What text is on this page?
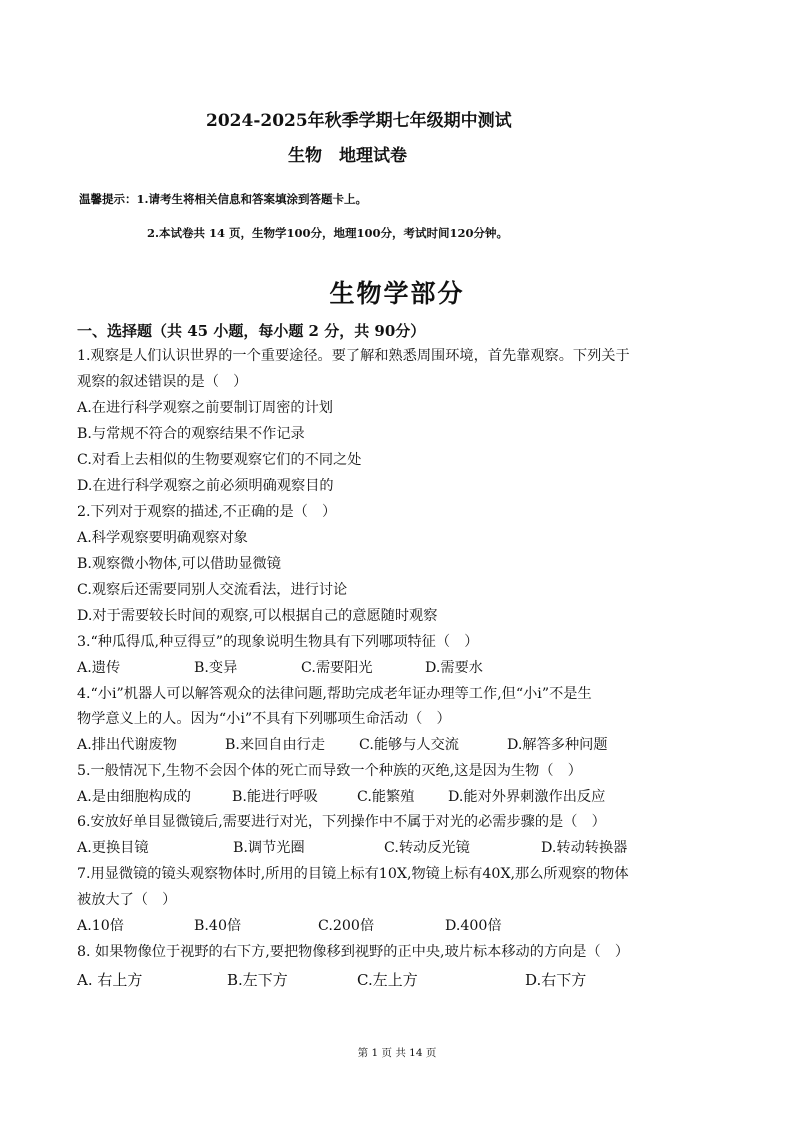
2024-2025年秋季学期七年级期中测试
生物　地理试卷
温馨提示：1.请考生将相关信息和答案填涂到答题卡上。
2.本试卷共 14 页，生物学100分，地理100分，考试时间120分钟。
生物学部分
一、选择题（共 45 小题，每小题 2 分，共 90分）
1.观察是人们认识世界的一个重要途径。要了解和熟悉周围环境，首先靠观察。下列关于
观察的叙述错误的是（　）
A.在进行科学观察之前要制订周密的计划
B.与常规不符合的观察结果不作记录
C.对看上去相似的生物要观察它们的不同之处
D.在进行科学观察之前必须明确观察目的
2.下列对于观察的描述,不正确的是（　）
A.科学观察要明确观察对象
B.观察微小物体,可以借助显微镜
C.观察后还需要同别人交流看法，进行讨论
D.对于需要较长时间的观察,可以根据自己的意愿随时观察
3.“种瓜得瓜,种豆得豆”的现象说明生物具有下列哪项特征（　）
A.遗传	B.变异	C.需要阳光	D.需要水
4.“小i”机器人可以解答观众的法律问题,帮助完成老年证办理等工作,但“小i”不是生
物学意义上的人。因为“小i”不具有下列哪项生命活动（　）
A.排出代谢废物	B.来回自由行走 C.能够与人交流	D.解答多种问题
5.一般情况下,生物不会因个体的死亡而导致一个种族的灭绝,这是因为生物（　）
A.是由细胞构成的	B.能进行呼吸	C.能繁殖 D.能对外界刺激作出反应
6.安放好单目显微镜后,需要进行对光，下列操作中不属于对光的必需步骤的是（　）
A.更换目镜	B.调节光圈	C.转动反光镜	D.转动转换器
7.用显微镜的镜头观察物体时,所用的目镜上标有10X,物镜上标有40X,那么所观察的物体
被放大了（　）
A.10倍	B.40倍	C.200倍	D.400倍
8. 如果物像位于视野的右下方,要把物像移到视野的正中央,玻片标本移动的方向是（　）
A. 右上方	B.左下方	C.左上方	D.右下方
第 1 页 共 14 页
